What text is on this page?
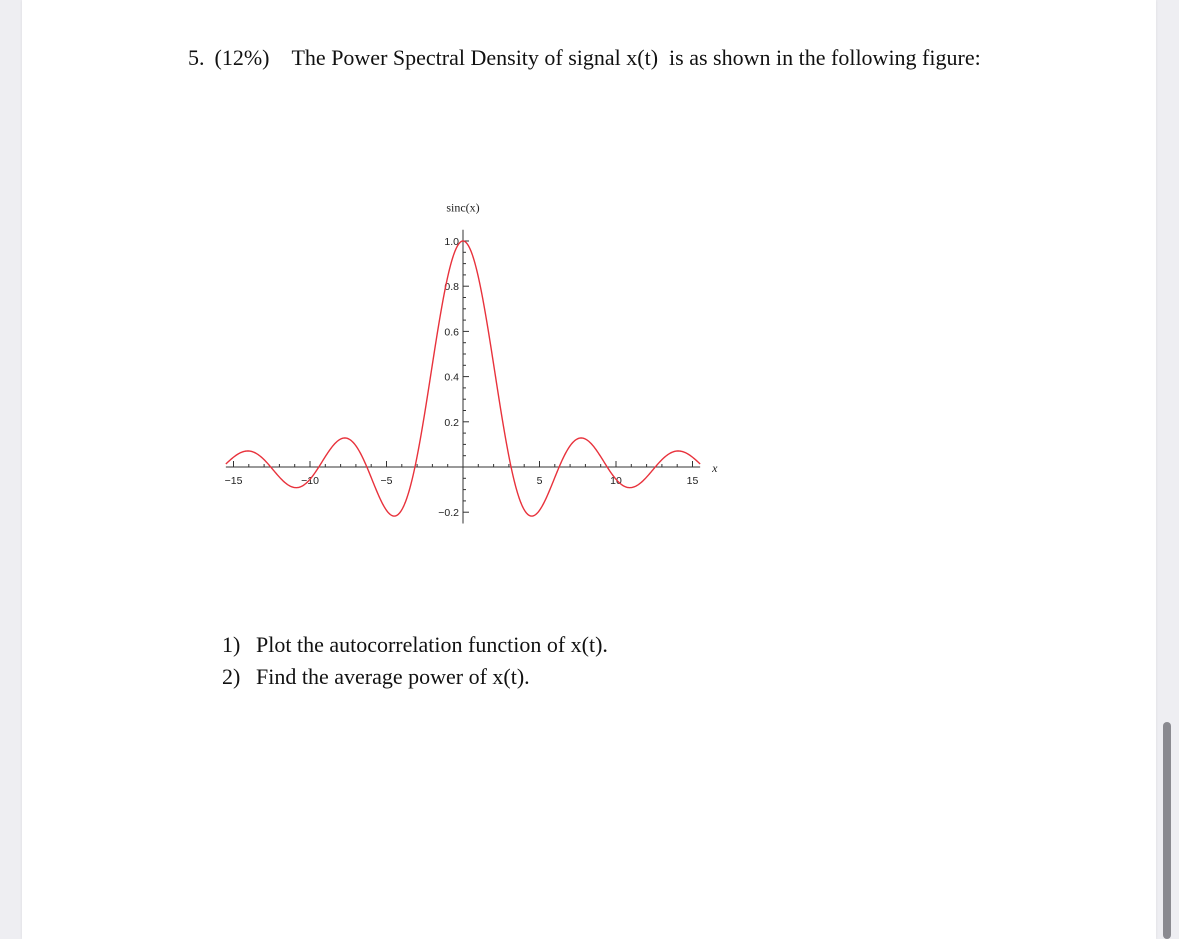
5. (12%) The Power Spectral Density of signal x(t)  is as shown in the following figure:
−15	−10	−5	5	10	15
1.0
0.8
0.6
0.4
0.2
−0.2
sinc(x)
x
1) Plot the autocorrelation function of x(t).
2) Find the average power of x(t).
